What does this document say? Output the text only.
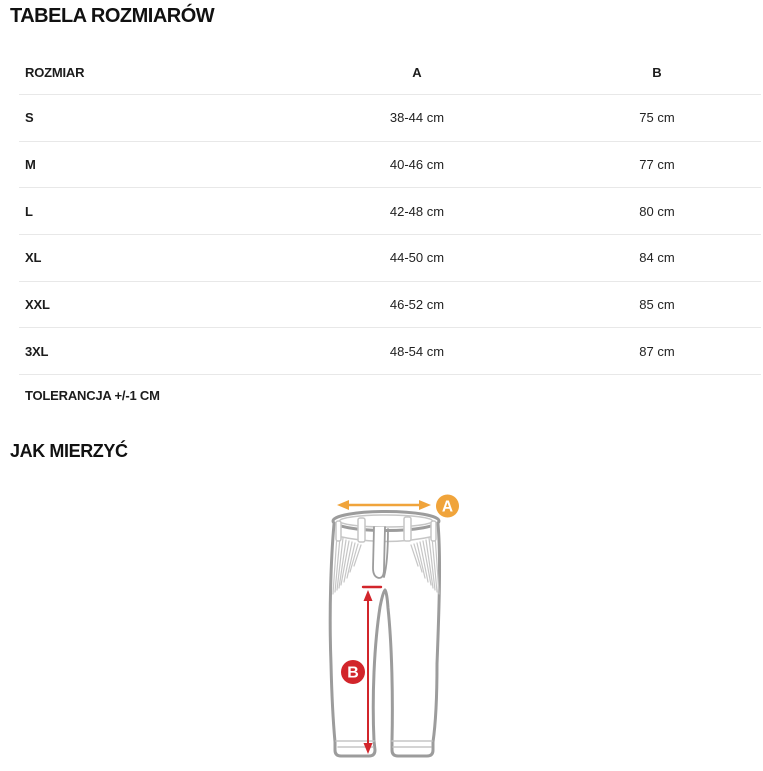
TABELA ROZMIARÓW
ROZMIAR	A	B
S	38-44 cm	75 cm
M	40-46 cm	77 cm
L	42-48 cm	80 cm
XL	44-50 cm	84 cm
XXL	46-52 cm	85 cm
3XL	48-54 cm	87 cm
TOLERANCJA +/-1 CM
JAK MIERZYĆ
A
B
